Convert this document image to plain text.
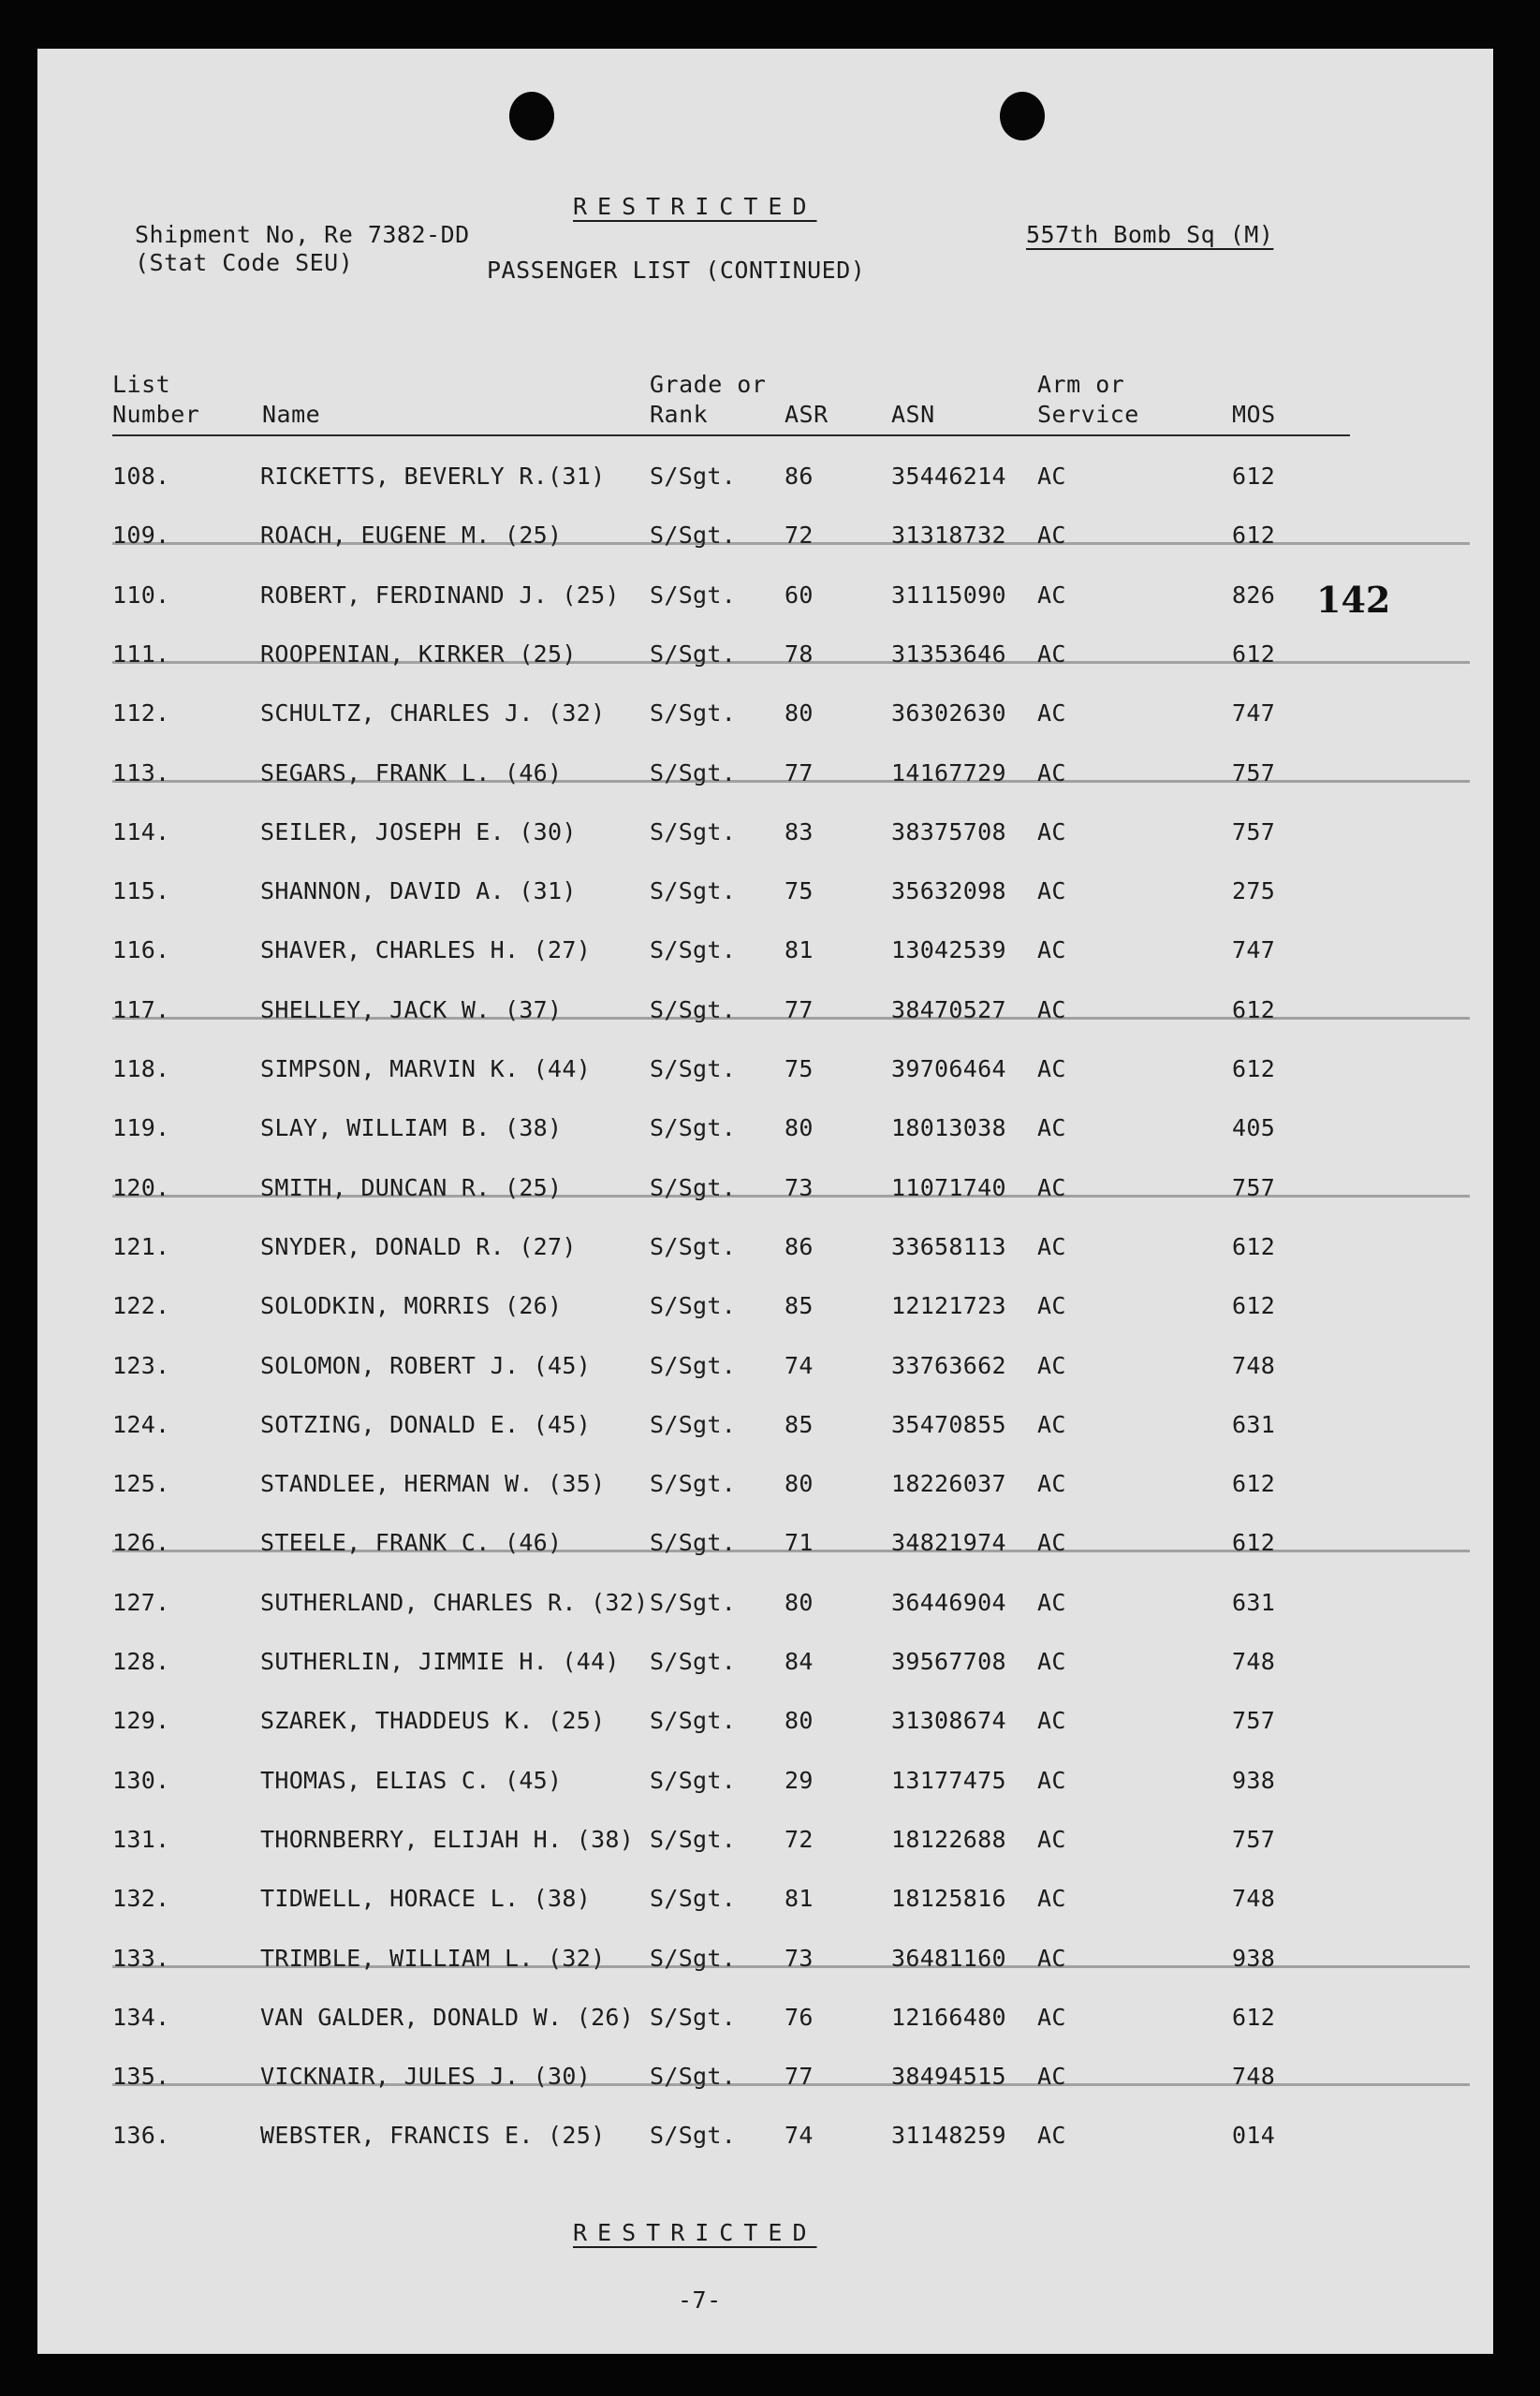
Shipment No, Re 7382-DD
(Stat Code SEU)
RESTRICTED
PASSENGER LIST (CONTINUED)
557th Bomb Sq (M)
List
Number	Name
Grade or
Rank	ASR	ASN
Arm or
Service	MOS
142
108.	RICKETTS, BEVERLY R.(31) S/Sgt. 86	35446214 AC	612
109.	ROACH, EUGENE M. (25)	S/Sgt. 72	31318732 AC	612
110.	ROBERT, FERDINAND J. (25) S/Sgt. 60	31115090 AC	826
111.	ROOPENIAN, KIRKER (25)	S/Sgt. 78	31353646 AC	612
112.	SCHULTZ, CHARLES J. (32) S/Sgt. 80	36302630 AC	747
113.	SEGARS, FRANK L. (46)	S/Sgt. 77	14167729 AC	757
114.	SEILER, JOSEPH E. (30)	S/Sgt. 83	38375708 AC	757
115.	SHANNON, DAVID A. (31)	S/Sgt. 75	35632098 AC	275
116.	SHAVER, CHARLES H. (27)	S/Sgt. 81	13042539 AC	747
117.	SHELLEY, JACK W. (37)	S/Sgt. 77	38470527 AC	612
118.	SIMPSON, MARVIN K. (44)	S/Sgt. 75	39706464 AC	612
119.	SLAY, WILLIAM B. (38)	S/Sgt. 80	18013038 AC	405
120.	SMITH, DUNCAN R. (25)	S/Sgt. 73	11071740 AC	757
121.	SNYDER, DONALD R. (27)	S/Sgt. 86	33658113 AC	612
122.	SOLODKIN, MORRIS (26)	S/Sgt. 85	12121723 AC	612
123.	SOLOMON, ROBERT J. (45)	S/Sgt. 74	33763662 AC	748
124.	SOTZING, DONALD E. (45)	S/Sgt. 85	35470855 AC	631
125.	STANDLEE, HERMAN W. (35) S/Sgt. 80	18226037 AC	612
126.	STEELE, FRANK C. (46)	S/Sgt. 71	34821974 AC	612
127.	SUTHERLAND, CHARLES R. (32) S/Sgt. 80	36446904 AC	631
128.	SUTHERLIN, JIMMIE H. (44) S/Sgt. 84	39567708 AC	748
129.	SZAREK, THADDEUS K. (25) S/Sgt. 80	31308674 AC	757
130.	THOMAS, ELIAS C. (45)	S/Sgt. 29	13177475 AC	938
131.	THORNBERRY, ELIJAH H. (38) S/Sgt. 72	18122688 AC	757
132.	TIDWELL, HORACE L. (38)	S/Sgt. 81	18125816 AC	748
133.	TRIMBLE, WILLIAM L. (32) S/Sgt. 73	36481160 AC	938
134.	VAN GALDER, DONALD W. (26) S/Sgt. 76	12166480 AC	612
135.	VICKNAIR, JULES J. (30)	S/Sgt. 77	38494515 AC	748
136.	WEBSTER, FRANCIS E. (25) S/Sgt. 74	31148259 AC	014
RESTRICTED
-7-
